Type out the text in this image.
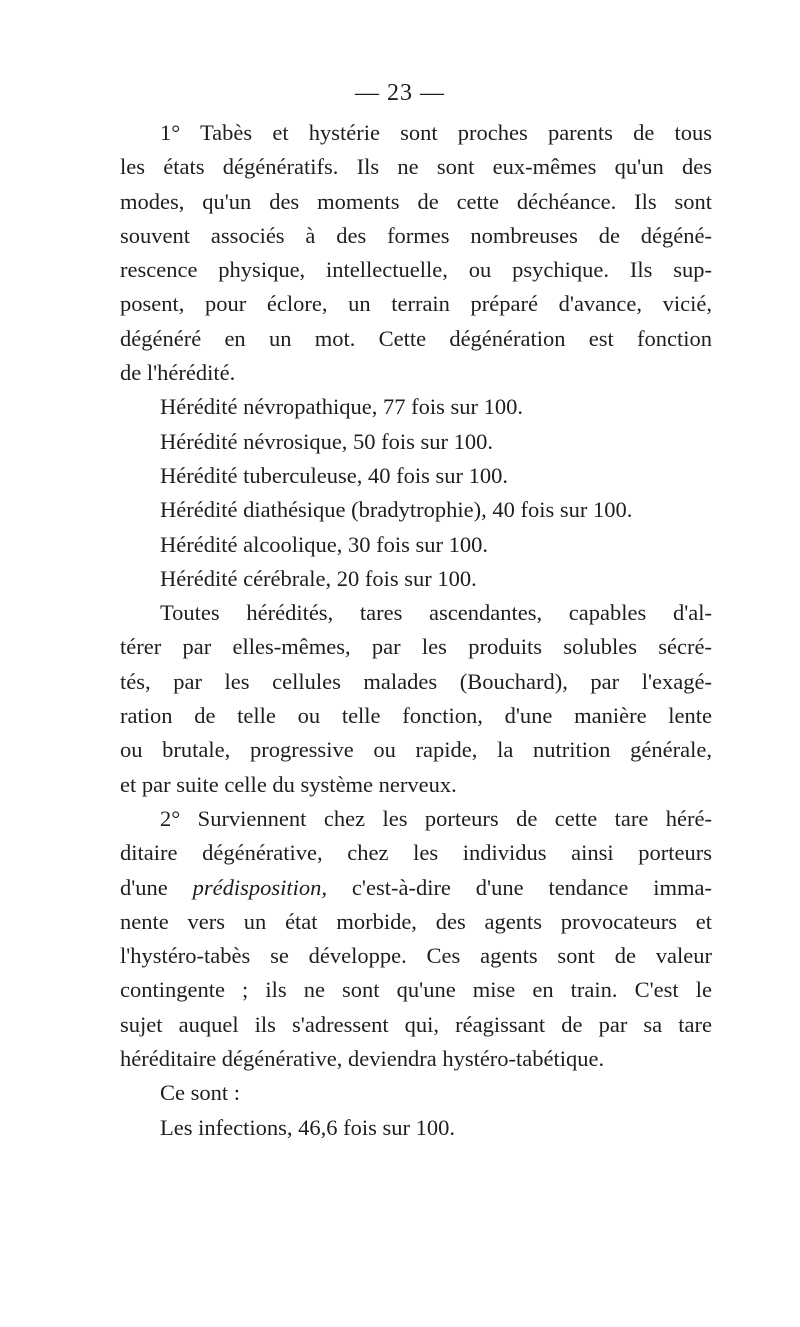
— 23 —
1° Tabès et hystérie sont proches parents de tous
les états dégénératifs. Ils ne sont eux-mêmes qu'un des
modes, qu'un des moments de cette déchéance. Ils sont
souvent associés à des formes nombreuses de dégéné-
rescence physique, intellectuelle, ou psychique. Ils sup-
posent, pour éclore, un terrain préparé d'avance, vicié,
dégénéré en un mot. Cette dégénération est fonction
de l'hérédité.
Hérédité névropathique, 77 fois sur 100.
Hérédité névrosique, 50 fois sur 100.
Hérédité tuberculeuse, 40 fois sur 100.
Hérédité diathésique (bradytrophie), 40 fois sur 100.
Hérédité alcoolique, 30 fois sur 100.
Hérédité cérébrale, 20 fois sur 100.
Toutes hérédités, tares ascendantes, capables d'al-
térer par elles-mêmes, par les produits solubles sécré-
tés, par les cellules malades (Bouchard), par l'exagé-
ration de telle ou telle fonction, d'une manière lente
ou brutale, progressive ou rapide, la nutrition générale,
et par suite celle du système nerveux.
2° Surviennent chez les porteurs de cette tare héré-
ditaire dégénérative, chez les individus ainsi porteurs
d'une prédisposition, c'est-à-dire d'une tendance imma-
nente vers un état morbide, des agents provocateurs et
l'hystéro-tabès se développe. Ces agents sont de valeur
contingente ; ils ne sont qu'une mise en train. C'est le
sujet auquel ils s'adressent qui, réagissant de par sa tare
héréditaire dégénérative, deviendra hystéro-tabétique.
Ce sont :
Les infections, 46,6 fois sur 100.
